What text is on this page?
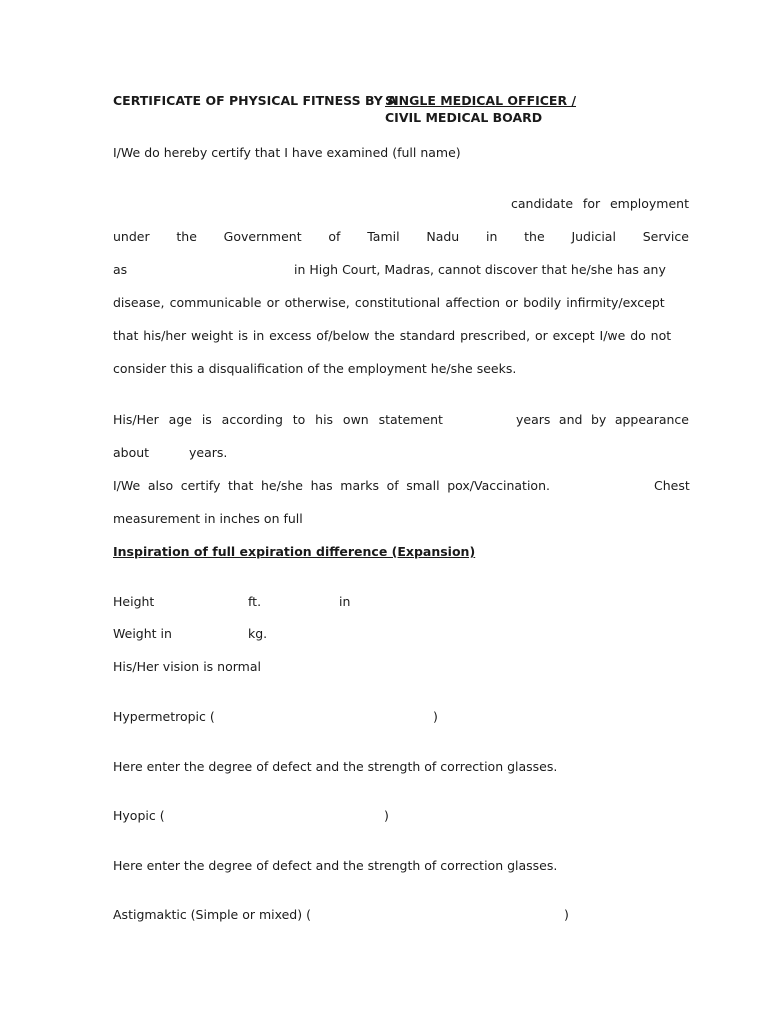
CERTIFICATE OF PHYSICAL FITNESS BY A
SINGLE MEDICAL OFFICER /
CIVIL MEDICAL BOARD
I/We do hereby certify that I have examined (full name)
candidate for employment
under the Government of Tamil Nadu in the Judicial Service
as	in High Court, Madras, cannot discover that he/she has any
disease, communicable or otherwise, constitutional affection or bodily infirmity/except
that his/her weight is in excess of/below the standard prescribed, or except I/we do not
consider this a disqualification of the employment he/she seeks.
His/Her age is according to his own statement	years and by appearance
about	years.
I/We also certify that he/she has marks of small pox/Vaccination.	Chest
measurement in inches on full
Inspiration of full expiration difference (Expansion)
Height	ft.	in
Weight in	kg.
His/Her vision is normal
Hypermetropic (	)
Here enter the degree of defect and the strength of correction glasses.
Hyopic (	)
Here enter the degree of defect and the strength of correction glasses.
Astigmaktic (Simple or mixed) (	)
